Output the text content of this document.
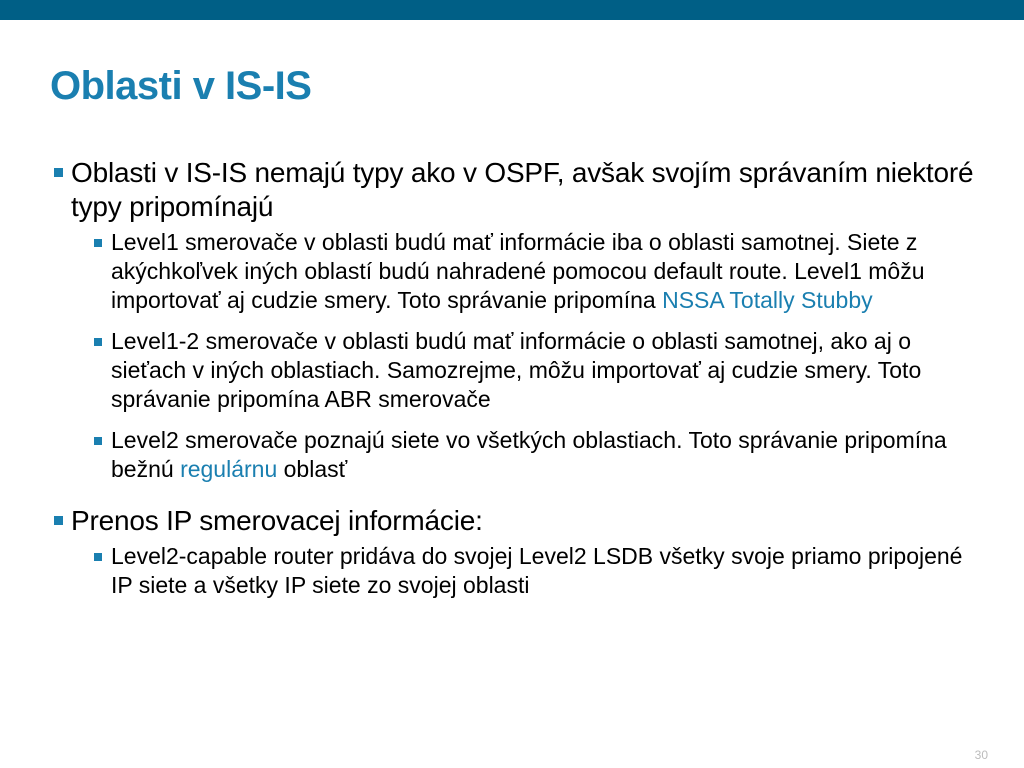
Oblasti v IS-IS
Oblasti v IS-IS nemajú typy ako v OSPF, avšak svojím správaním niektoré typy pripomínajú
Level1 smerovače v oblasti budú mať informácie iba o oblasti samotnej. Siete z akýchkoľvek iných oblastí budú nahradené pomocou default route. Level1 môžu importovať aj cudzie smery. Toto správanie pripomína NSSA Totally Stubby
Level1-2 smerovače v oblasti budú mať informácie o oblasti samotnej, ako aj o sieťach v iných oblastiach. Samozrejme, môžu importovať aj cudzie smery. Toto správanie pripomína ABR smerovače
Level2 smerovače poznajú siete vo všetkých oblastiach. Toto správanie pripomína bežnú regulárnu oblasť
Prenos IP smerovacej informácie:
Level2-capable router pridáva do svojej Level2 LSDB všetky svoje priamo pripojené IP siete a všetky IP siete zo svojej oblasti
30
